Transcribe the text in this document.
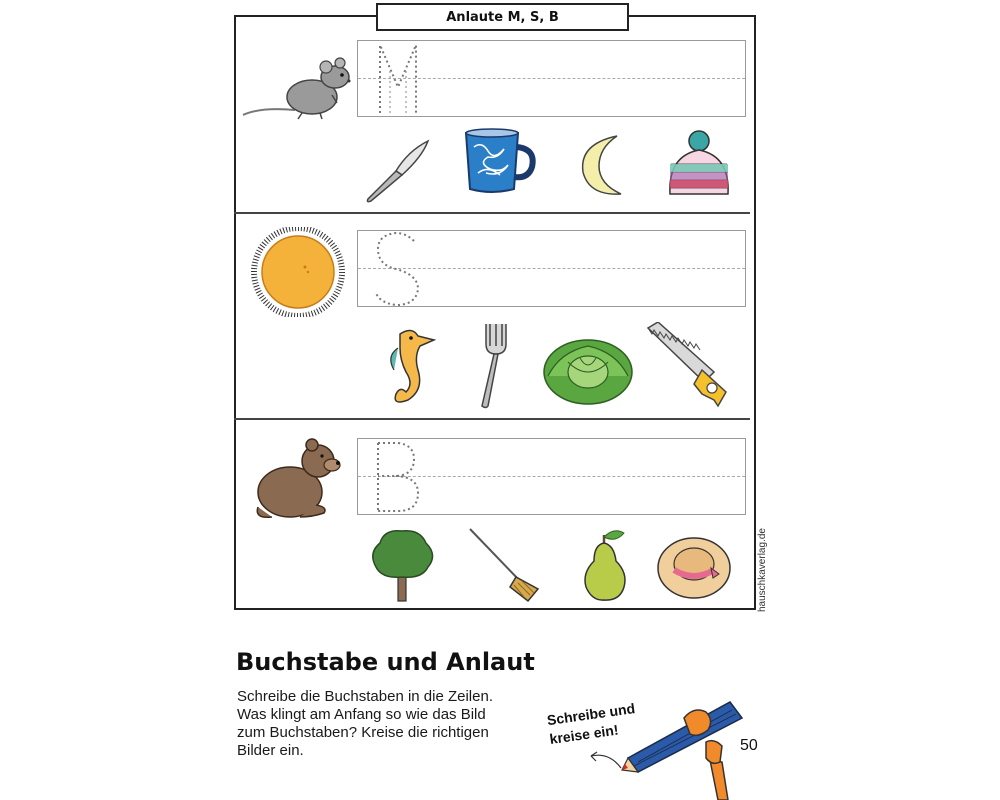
Anlaute M, S, B
hauschkaverlag.de
Buchstabe und Anlaut
Schreibe die Buchstaben in die Zeilen.
Was klingt am Anfang so wie das Bild
zum Buchstaben? Kreise die richtigen
Bilder ein.
Schreibe und
kreise ein!	50
